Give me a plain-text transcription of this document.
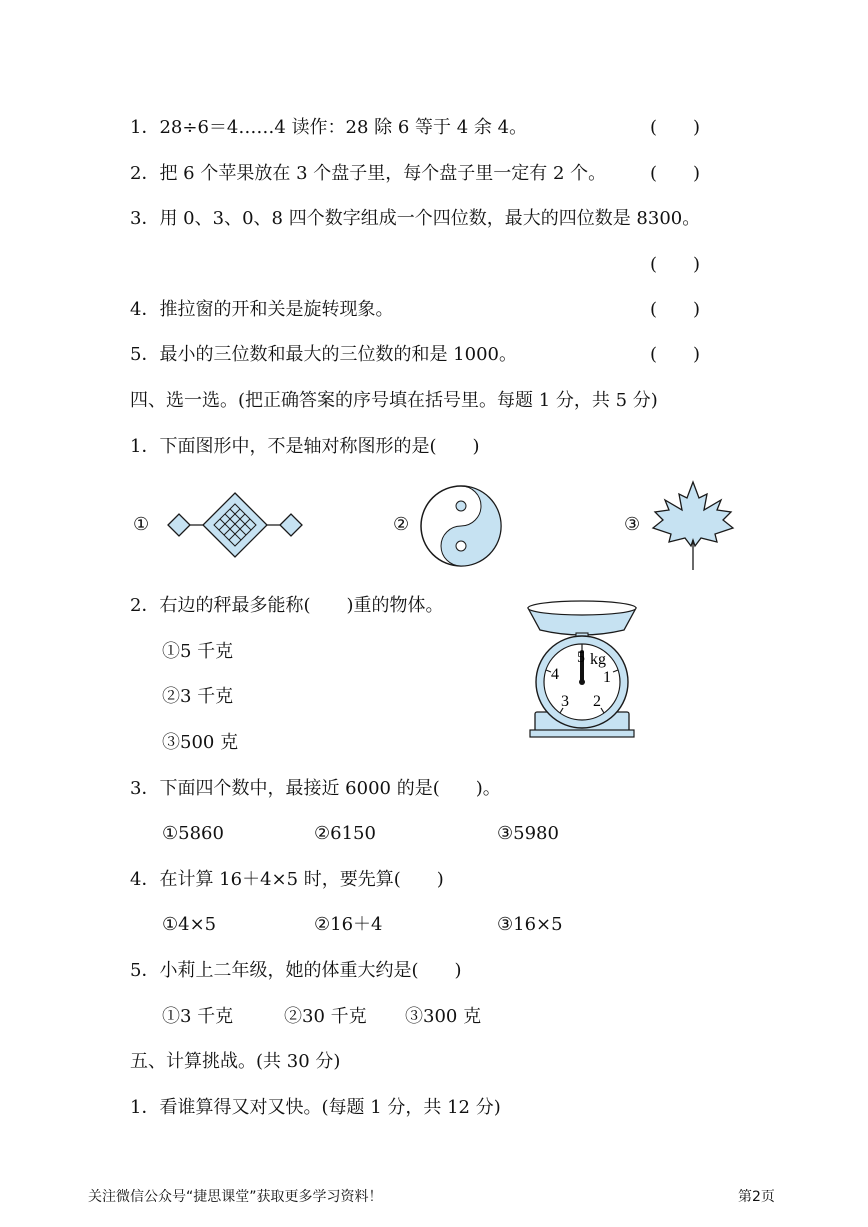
1．28÷6＝4……4 读作：28 除 6 等于 4 余 4。	(　　)
2．把 6 个苹果放在 3 个盘子里，每个盘子里一定有 2 个。 (　　)
3．用 0、3、0、8 四个数字组成一个四位数，最大的四位数是 8300。
(　　)
4．推拉窗的开和关是旋转现象。	(　　)
5．最小的三位数和最大的三位数的和是 1000。	(　　)
四、选一选。(把正确答案的序号填在括号里。每题 1 分，共 5 分)
1．下面图形中，不是轴对称图形的是(　　)
①	②	③
2．右边的秤最多能称(　　)重的物体。
①5 千克
②3 千克
③500 克
5 kg
1
2
3
4
3．下面四个数中，最接近 6000 的是(　　)。
①5860	②6150	③5980
4．在计算 16＋4×5 时，要先算(　　)
①4×5	②16＋4	③16×5
5．小莉上二年级，她的体重大约是(　　)
①3 千克	②30 千克 ③300 克
五、计算挑战。(共 30 分)
1．看谁算得又对又快。(每题 1 分，共 12 分)
关注微信公众号“捷思课堂”获取更多学习资料！	第2页
